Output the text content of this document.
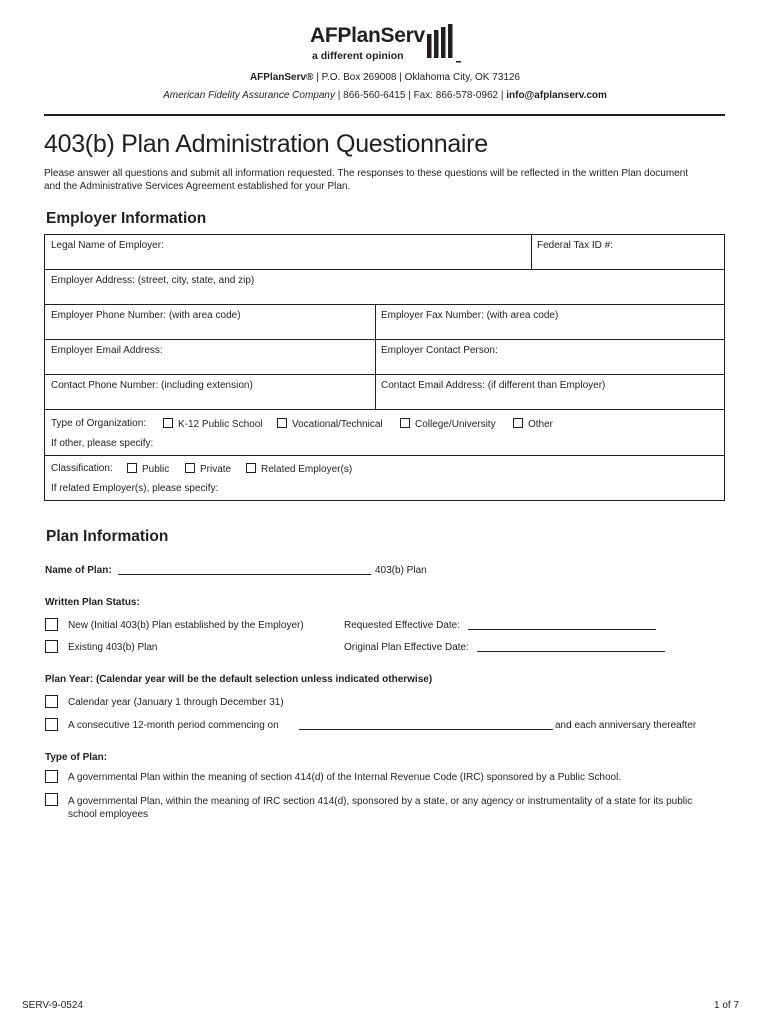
AFPlanServ
a different opinion
AFPlanServ® | P.O. Box 269008 | Oklahoma City, OK 73126
American Fidelity Assurance Company | 866-560-6415 | Fax: 866-578-0962 | info@afplanserv.com
403(b) Plan Administration Questionnaire
Please answer all questions and submit all information requested. The responses to these questions will be reflected in the written Plan document and the Administrative Services Agreement established for your Plan.
Employer Information
Legal Name of Employer:	Federal Tax ID #:
Employer Address: (street, city, state, and zip)
Employer Phone Number: (with area code)	Employer Fax Number: (with area code)
Employer Email Address:	Employer Contact Person:
Contact Phone Number: (including extension)	Contact Email Address: (if different than Employer)
Type of Organization:	K-12 Public School	Vocational/Technical	College/University	Other
If other, please specify:
Classification:	Public	Private	Related Employer(s)
If related Employer(s), please specify:
Plan Information
Name of Plan:	403(b) Plan
Written Plan Status:
New (Initial 403(b) Plan established by the Employer)	Requested Effective Date:
Existing 403(b) Plan	Original Plan Effective Date:
Plan Year: (Calendar year will be the default selection unless indicated otherwise)
Calendar year (January 1 through December 31)
A consecutive 12-month period commencing on	and each anniversary thereafter
Type of Plan:
A governmental Plan within the meaning of section 414(d) of the Internal Revenue Code (IRC) sponsored by a Public School.
A governmental Plan, within the meaning of IRC section 414(d), sponsored by a state, or any agency or instrumentality of a state for its public school employees
SERV-9-0524	1 of 7
